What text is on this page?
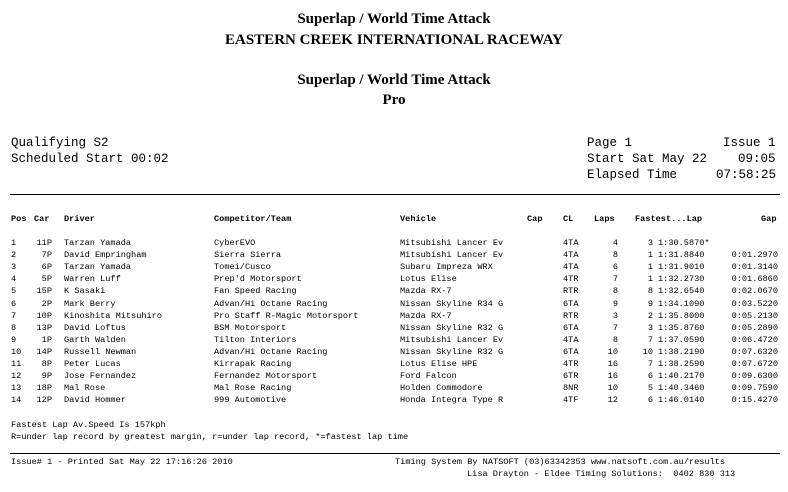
Superlap / World Time Attack
EASTERN CREEK INTERNATIONAL RACEWAY
Superlap / World Time Attack
Pro
Qualifying S2
Scheduled Start 00:02
Page 1	Issue 1
Start Sat May 22 09:05
Elapsed Time	07:58:25
Pos Car Driver	Competitor/Team	Vehicle	Cap CL Laps Fastest...Lap	Gap
1	11P Tarzan Yamada	CyberEVO	Mitsubishi Lancer Ev	4TA	4	3 1:30.5870*
2	7P David Empringham	Sierra Sierra	Mitsubishi Lancer Ev	4TA	8	1 1:31.8840	0:01.2970
3	6P Tarzan Yamada	Tomei/Cusco	Subaru Impreza WRX	4TA	6	1 1:31.9010	0:01.3140
4	5P Warren Luff	Prep'd Motorsport	Lotus Elise	4TR	7	1 1:32.2730	0:01.6860
5	15P K Sasaki	Fan Speed Racing	Mazda RX-7	RTR	8	8 1:32.6540	0:02.0670
6	2P Mark Berry	Advan/Hi Octane Racing	Nissan Skyline R34 G	6TA	9	9 1:34.1090	0:03.5220
7	10P Kinoshita Mitsuhiro	Pro Staff R-Magic Motorsport	Mazda RX-7	RTR	3	2 1:35.8000	0:05.2130
8	13P David Loftus	BSM Motorsport	Nissan Skyline R32 G	6TA	7	3 1:35.8760	0:05.2890
9	1P Garth Walden	Tilton Interiors	Mitsubishi Lancer Ev	4TA	8	7 1:37.0590	0:06.4720
10	14P Russell Newman	Advan/Hi Octane Racing	Nissan Skyline R32 G	6TA	10	10 1:38.2190	0:07.6320
11	8P Peter Lucas	Kirrapak Racing	Lotus Elise HPE	4TR	16	7 1:38.2590	0:07.6720
12	9P Jose Fernandez	Fernandez Motorsport	Ford Falcon	6TR	16	6 1:40.2170	0:09.6300
13	18P Mal Rose	Mal Rose Racing	Holden Commodore	8NR	10	5 1:40.3460	0:09.7590
14	12P David Hommer	999 Automotive	Honda Integra Type R	4TF	12	6 1:46.0140	0:15.4270
Fastest Lap Av.Speed Is 157kph
R=under lap record by greatest margin, r=under lap record, *=fastest lap time
Issue# 1 - Printed Sat May 22 17:16:26 2010	Timing System By NATSOFT (03)63342353 www.natsoft.com.au/results
Lisa Drayton - Eldee Timing Solutions:  0402 830 313
